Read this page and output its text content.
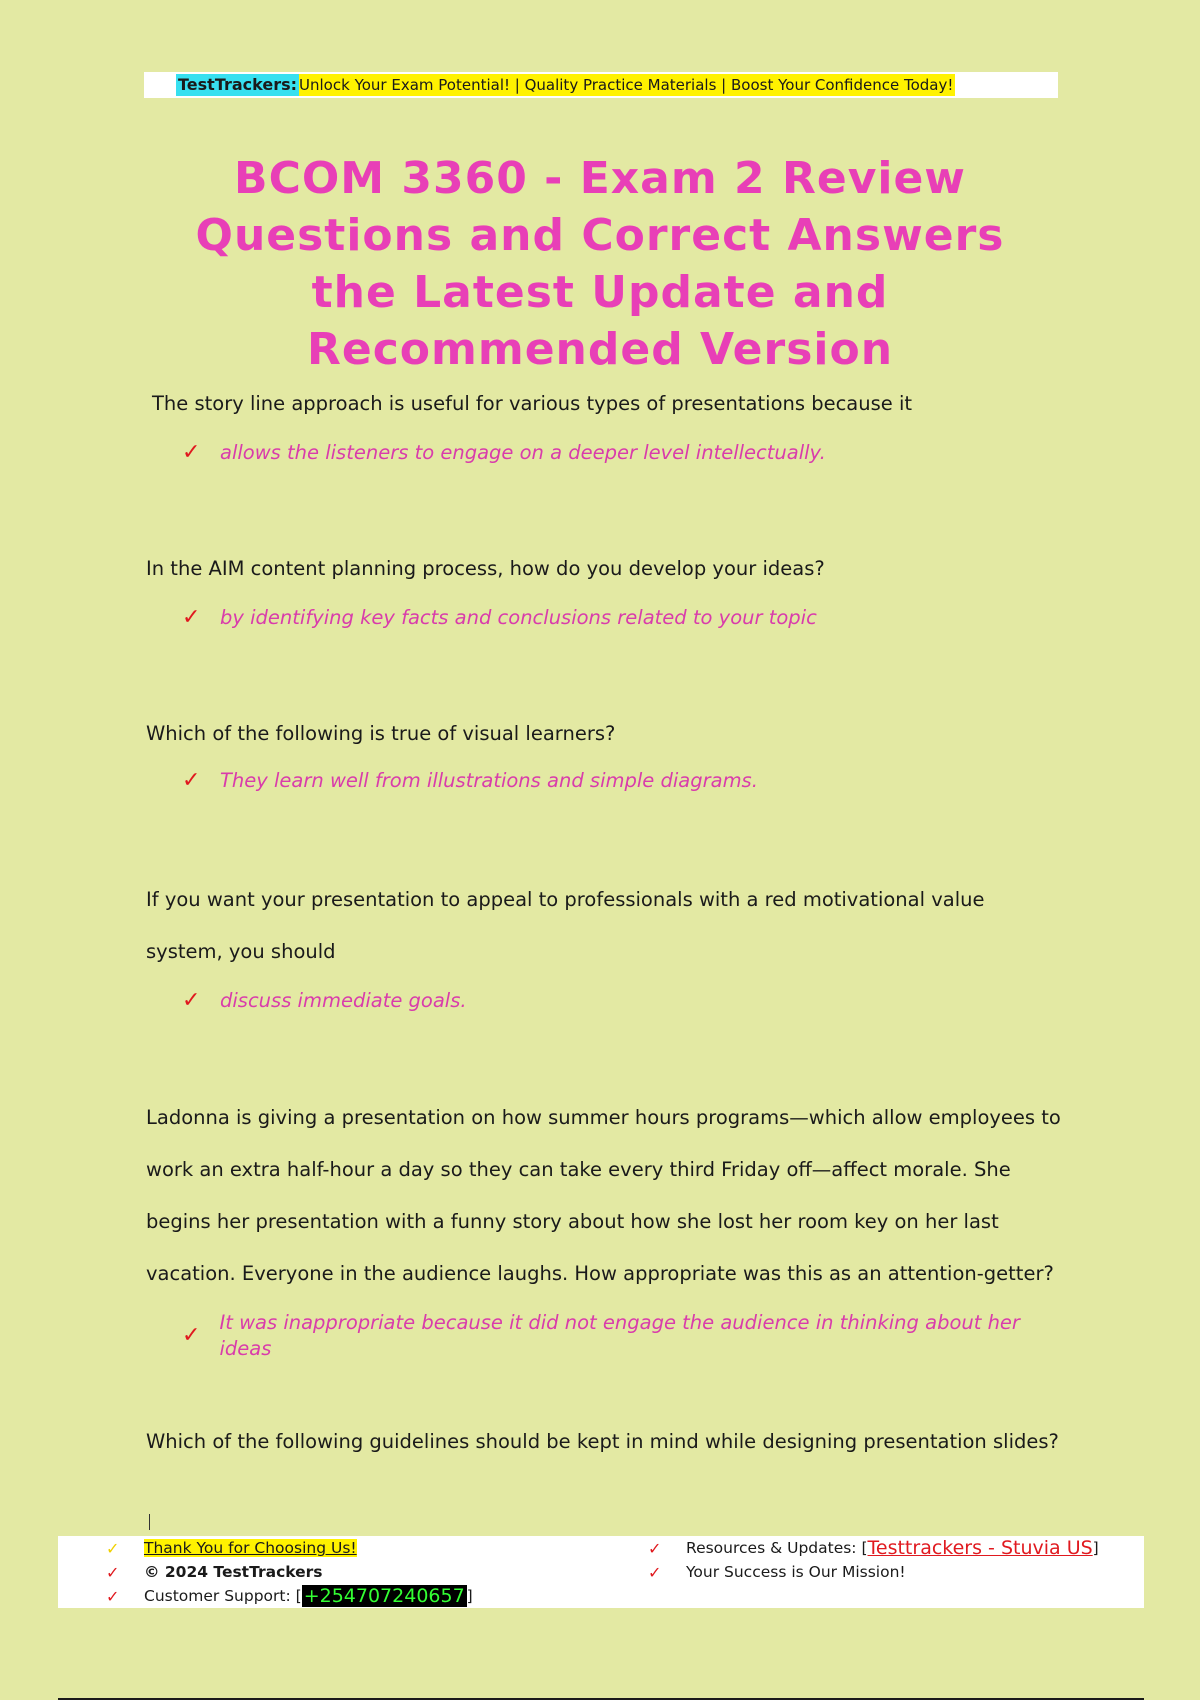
TestTrackers: Unlock Your Exam Potential! | Quality Practice Materials | Boost Your Confidence Today!
BCOM 3360 - Exam 2 Review Questions and Correct Answers the Latest Update and Recommended Version

The story line approach is useful for various types of presentations because it

✓	allows the listeners to engage on a deeper level intellectually.

In the AIM content planning process, how do you develop your ideas?

✓	by identifying key facts and conclusions related to your topic

Which of the following is true of visual learners?

✓	They learn well from illustrations and simple diagrams.

If you want your presentation to appeal to professionals with a red motivational value system, you should

✓	discuss immediate goals.

Ladonna is giving a presentation on how summer hours programs—which allow employees to work an extra half-hour a day so they can take every third Friday off—affect morale. She begins her presentation with a funny story about how she lost her room key on her last vacation. Everyone in the audience laughs. How appropriate was this as an attention-getter?

✓
It was inappropriate because it did not engage the audience in thinking about her ideas

Which of the following guidelines should be kept in mind while designing presentation slides?

✓	Thank You for Choosing Us!
✓	© 2024 TestTrackers
✓	Customer Support: [ +254707240657 ]
✓	Resources & Updates: [ Testtrackers - Stuvia US ]
✓	Your Success is Our Mission!
